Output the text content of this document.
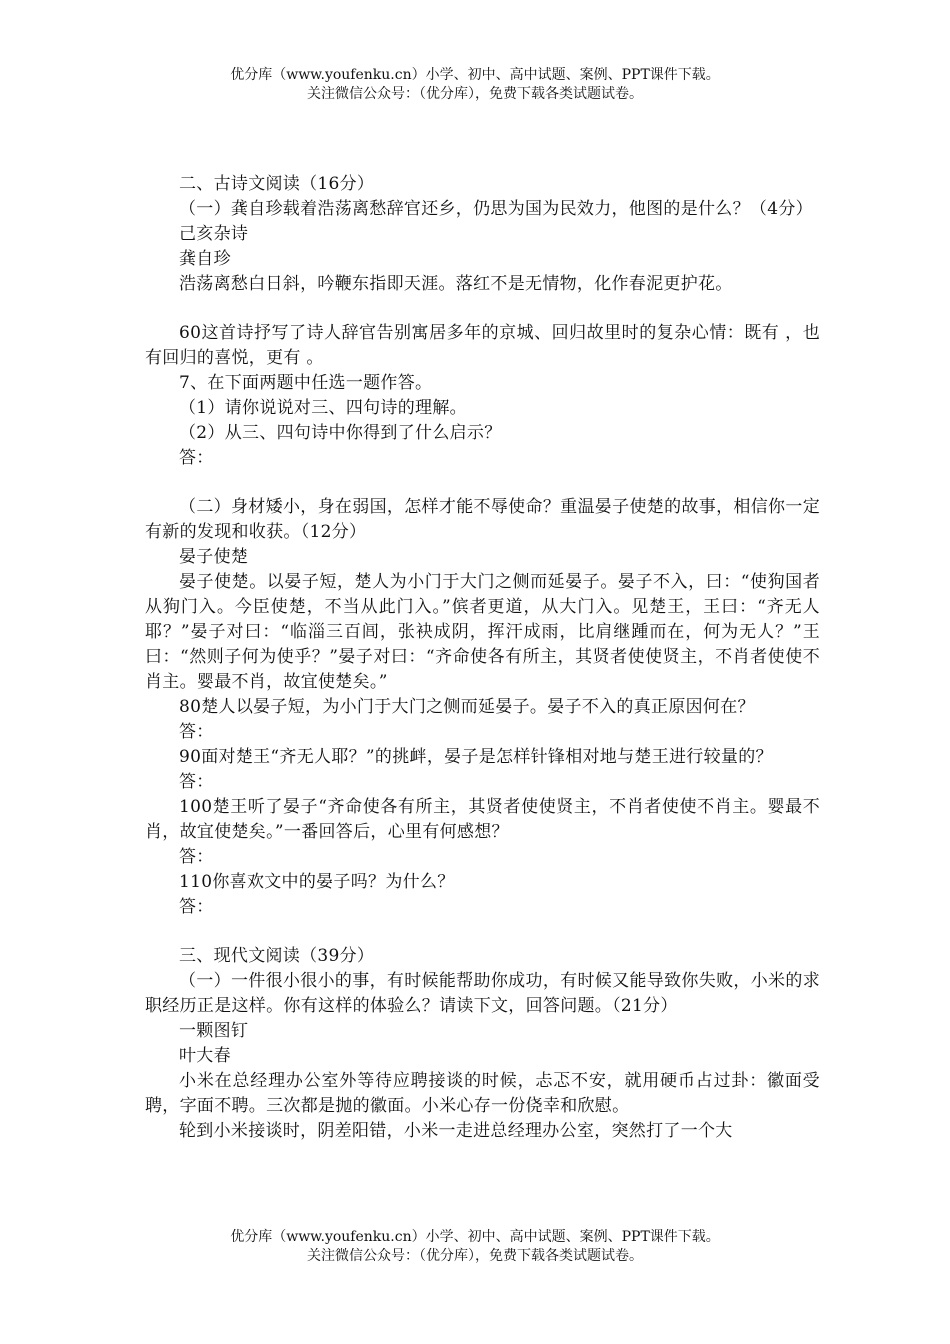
优分库（www.youfenku.cn）小学、初中、高中试题、案例、PPT课件下载。
关注微信公众号：（优分库），免费下载各类试题试卷。

二、古诗文阅读（16分）

（一）龚自珍载着浩荡离愁辞官还乡，仍思为国为民效力，他图的是什么？（4分）

己亥杂诗

龚自珍

浩荡离愁白日斜，吟鞭东指即天涯。落红不是无情物，化作春泥更护花。

60这首诗抒写了诗人辞官告别寓居多年的京城、回归故里时的复杂心情：既有 ，也有回归的喜悦，更有 。

7、在下面两题中任选一题作答。

（1）请你说说对三、四句诗的理解。

（2）从三、四句诗中你得到了什么启示？

答：

（二）身材矮小，身在弱国，怎样才能不辱使命？重温晏子使楚的故事，相信你一定有新的发现和收获。（12分）

晏子使楚

晏子使楚。以晏子短，楚人为小门于大门之侧而延晏子。晏子不入，曰：“使狗国者从狗门入。今臣使楚，不当从此门入。”傧者更道，从大门入。见楚王，王曰：“齐无人耶？”晏子对曰：“临淄三百闾，张袂成阴，挥汗成雨，比肩继踵而在，何为无人？”王曰：“然则子何为使乎？”晏子对曰：“齐命使各有所主，其贤者使使贤主，不肖者使使不肖主。婴最不肖，故宜使楚矣。”

80楚人以晏子短，为小门于大门之侧而延晏子。晏子不入的真正原因何在？

答：

90面对楚王“齐无人耶？”的挑衅，晏子是怎样针锋相对地与楚王进行较量的？

答：

100楚王听了晏子“齐命使各有所主，其贤者使使贤主，不肖者使使不肖主。婴最不肖，故宜使楚矣。”一番回答后，心里有何感想？

答：

110你喜欢文中的晏子吗？为什么？

答：

三、现代文阅读（39分）

（一）一件很小很小的事，有时候能帮助你成功，有时候又能导致你失败，小米的求职经历正是这样。你有这样的体验么？请读下文，回答问题。（21分）

一颗图钉

叶大春

小米在总经理办公室外等待应聘接谈的时候，忐忑不安，就用硬币占过卦：徽面受聘，字面不聘。三次都是抛的徽面。小米心存一份侥幸和欣慰。

轮到小米接谈时，阴差阳错，小米一走进总经理办公室，突然打了一个大

优分库（www.youfenku.cn）小学、初中、高中试题、案例、PPT课件下载。
关注微信公众号：（优分库），免费下载各类试题试卷。
